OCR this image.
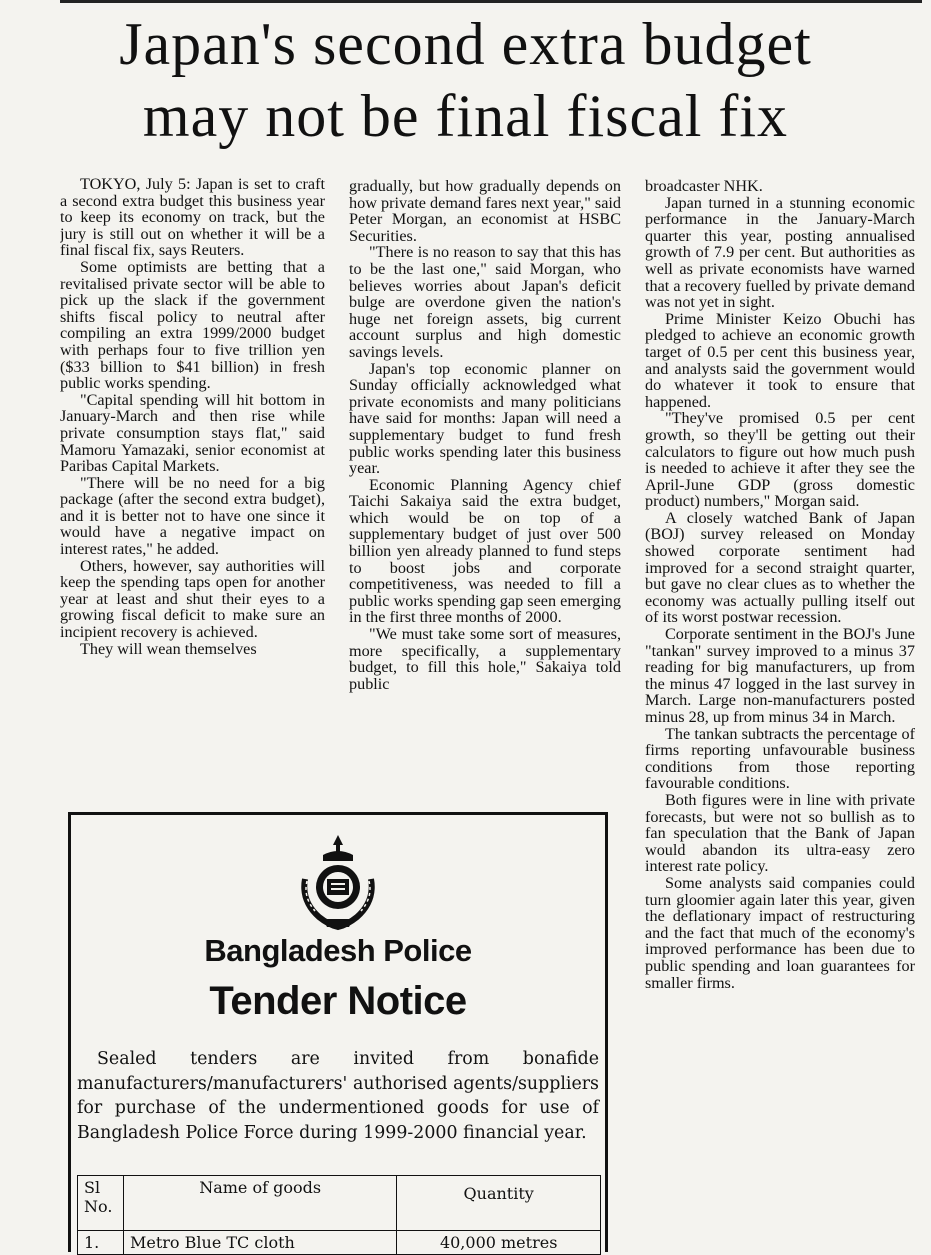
Japan's second extra budget
may not be final fiscal fix

TOKYO, July 5: Japan is set to craft a second extra budget this business year to keep its economy on track, but the jury is still out on whether it will be a final fiscal fix, says Reuters.

Some optimists are betting that a revitalised private sector will be able to pick up the slack if the government shifts fiscal policy to neutral after compiling an extra 1999/2000 budget with perhaps four to five trillion yen ($33 billion to $41 billion) in fresh public works spending.

"Capital spending will hit bottom in January-March and then rise while private consumption stays flat," said Mamoru Yamazaki, senior economist at Paribas Capital Markets.

"There will be no need for a big package (after the second extra budget), and it is better not to have one since it would have a negative impact on interest rates," he added.

Others, however, say authorities will keep the spending taps open for another year at least and shut their eyes to a growing fiscal deficit to make sure an incipient recovery is achieved.

They will wean themselves

gradually, but how gradually depends on how private demand fares next year," said Peter Morgan, an economist at HSBC Securities.

"There is no reason to say that this has to be the last one," said Morgan, who believes worries about Japan's deficit bulge are overdone given the nation's huge net foreign assets, big current account surplus and high domestic savings levels.

Japan's top economic planner on Sunday officially acknowledged what private economists and many politicians have said for months: Japan will need a supplementary budget to fund fresh public works spending later this business year.

Economic Planning Agency chief Taichi Sakaiya said the extra budget, which would be on top of a supplementary budget of just over 500 billion yen already planned to fund steps to boost jobs and corporate competitiveness, was needed to fill a public works spending gap seen emerging in the first three months of 2000.

"We must take some sort of measures, more specifically, a supplementary budget, to fill this hole," Sakaiya told public

broadcaster NHK.

Japan turned in a stunning economic performance in the January-March quarter this year, posting annualised growth of 7.9 per cent. But authorities as well as private economists have warned that a recovery fuelled by private demand was not yet in sight.

Prime Minister Keizo Obuchi has pledged to achieve an economic growth target of 0.5 per cent this business year, and analysts said the government would do whatever it took to ensure that happened.

"They've promised 0.5 per cent growth, so they'll be getting out their calculators to figure out how much push is needed to achieve it after they see the April-June GDP (gross domestic product) numbers," Morgan said.

A closely watched Bank of Japan (BOJ) survey released on Monday showed corporate sentiment had improved for a second straight quarter, but gave no clear clues as to whether the economy was actually pulling itself out of its worst postwar recession.

Corporate sentiment in the BOJ's June "tankan" survey improved to a minus 37 reading for big manufacturers, up from the minus 47 logged in the last survey in March. Large non-manufacturers posted minus 28, up from minus 34 in March.

The tankan subtracts the percentage of firms reporting unfavourable business conditions from those reporting favourable conditions.

Both figures were in line with private forecasts, but were not so bullish as to fan speculation that the Bank of Japan would abandon its ultra-easy zero interest rate policy.

Some analysts said companies could turn gloomier again later this year, given the deflationary impact of restructuring and the fact that much of the economy's improved performance has been due to public spending and loan guarantees for smaller firms.

Bangladesh Police
Tender Notice

Sealed tenders are invited from bonafide manufacturers/manufacturers' authorised agents/suppliers for purchase of the undermentioned goods for use of Bangladesh Police Force during 1999-2000 financial year.

Sl No.	Name of goods	Quantity
1.	Metro Blue TC cloth	40,000 metres
